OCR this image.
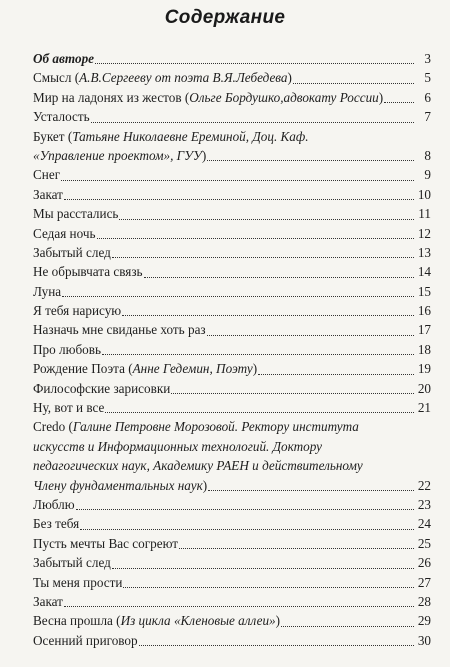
Содержание
Об авторе	3
Смысл (А.В.Сергееву от поэта В.Я.Лебедева)	5
Мир на ладонях из жестов (Ольге Бордушко,адвокату России)	6
Усталость	7
Букет (Татьяне Николаевне Ереминой, Доц. Каф.
«Управление проектом», ГУУ)	8
Снег	9
Закат	10
Мы расстались	11
Седая ночь	12
Забытый след	13
Не обрывчата связь	14
Луна	15
Я тебя нарисую	16
Назначь мне свиданье хоть раз	17
Про любовь	18
Рождение Поэта (Анне Гедемин, Поэту)	19
Философские зарисовки	20
Ну, вот и все	21
Credo (Галине Петровне Морозовой. Ректору института
искусств и Информационных технологий. Доктору
педагогических наук, Академику РАЕН и действительному
Члену фундаментальных наук)	22
Люблю	23
Без тебя	24
Пусть мечты Вас согреют	25
Забытый след	26
Ты меня прости	27
Закат	28
Весна прошла (Из цикла «Кленовые аллеи»)	29
Осенний приговор	30
